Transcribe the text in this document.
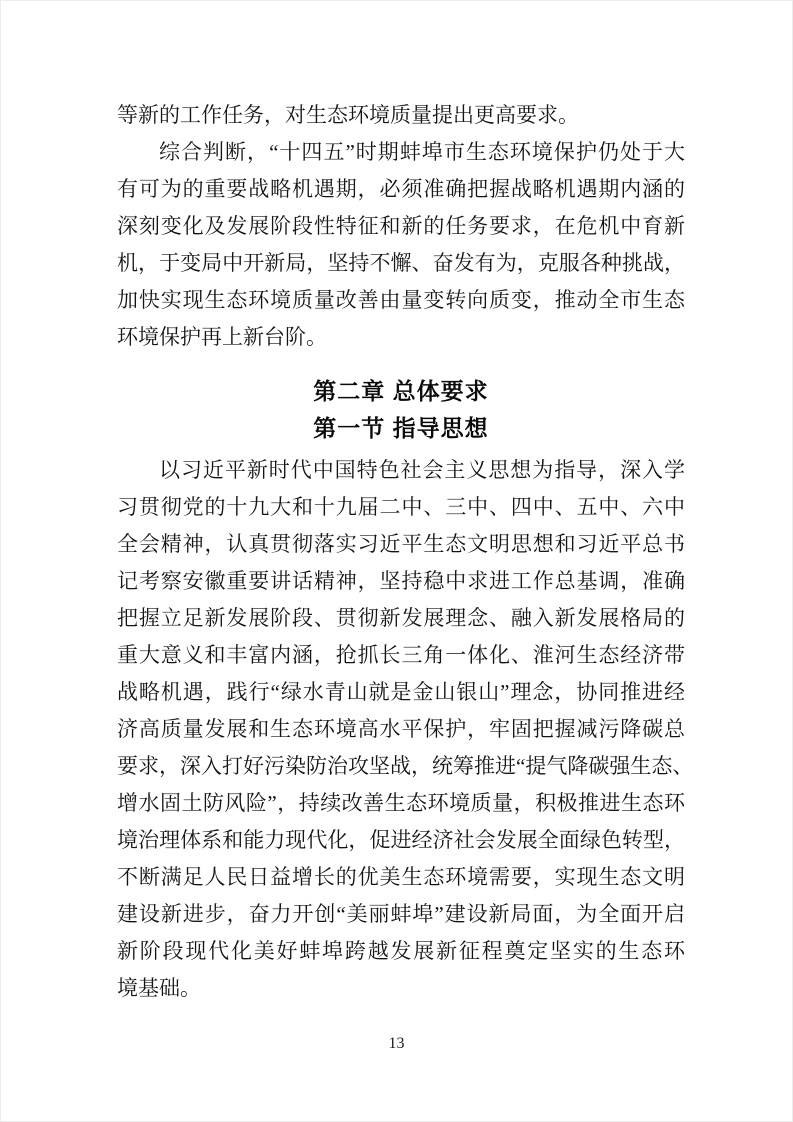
等新的工作任务，对生态环境质量提出更高要求。

综合判断，“十四五”时期蚌埠市生态环境保护仍处于大

有可为的重要战略机遇期，必须准确把握战略机遇期内涵的

深刻变化及发展阶段性特征和新的任务要求，在危机中育新

机，于变局中开新局，坚持不懈、奋发有为，克服各种挑战，

加快实现生态环境质量改善由量变转向质变，推动全市生态

环境保护再上新台阶。

第二章 总体要求
第一节 指导思想

以习近平新时代中国特色社会主义思想为指导，深入学

习贯彻党的十九大和十九届二中、三中、四中、五中、六中

全会精神，认真贯彻落实习近平生态文明思想和习近平总书

记考察安徽重要讲话精神，坚持稳中求进工作总基调，准确

把握立足新发展阶段、贯彻新发展理念、融入新发展格局的

重大意义和丰富内涵，抢抓长三角一体化、淮河生态经济带

战略机遇，践行“绿水青山就是金山银山”理念，协同推进经

济高质量发展和生态环境高水平保护，牢固把握减污降碳总

要求，深入打好污染防治攻坚战，统筹推进“提气降碳强生态、

增水固土防风险”，持续改善生态环境质量，积极推进生态环

境治理体系和能力现代化，促进经济社会发展全面绿色转型，

不断满足人民日益增长的优美生态环境需要，实现生态文明

建设新进步，奋力开创“美丽蚌埠”建设新局面，为全面开启

新阶段现代化美好蚌埠跨越发展新征程奠定坚实的生态环

境基础。

13
